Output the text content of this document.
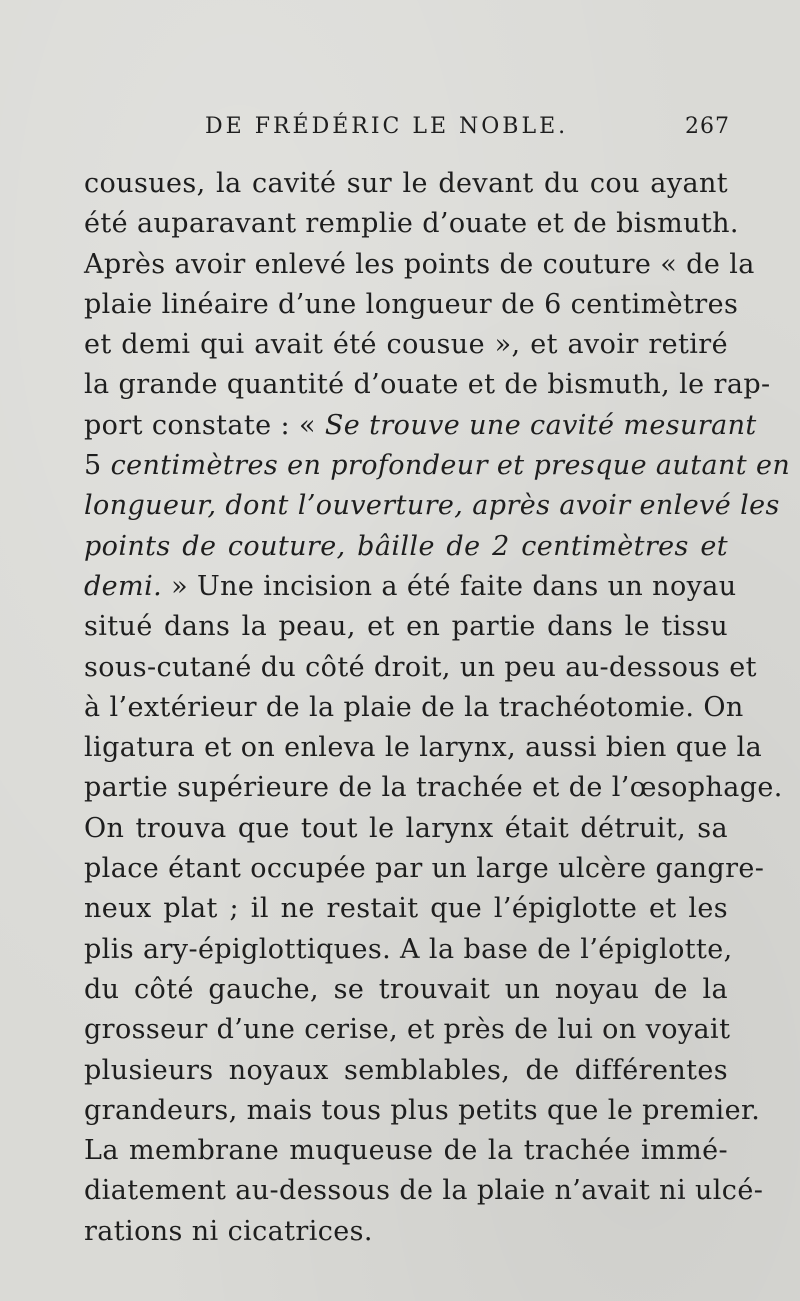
DE FRÉDÉRIC LE NOBLE.	267
cousues, la cavité sur le devant du cou ayant
été auparavant remplie d’ouate et de bismuth.
Après avoir enlevé les points de couture « de la
plaie linéaire d’une longueur de 6 centimètres
et demi qui avait été cousue », et avoir retiré
la grande quantité d’ouate et de bismuth, le rap-
port constate : « Se trouve une cavité mesurant
5 centimètres en profondeur et presque autant en
longueur, dont l’ouverture, après avoir enlevé les
points de couture, bâille de 2 centimètres et
demi. » Une incision a été faite dans un noyau
situé dans la peau, et en partie dans le tissu
sous-cutané du côté droit, un peu au-dessous et
à l’extérieur de la plaie de la trachéotomie. On
ligatura et on enleva le larynx, aussi bien que la
partie supérieure de la trachée et de l’œsophage.
On trouva que tout le larynx était détruit, sa
place étant occupée par un large ulcère gangre-
neux plat ; il ne restait que l’épiglotte et les
plis ary-épiglottiques. A la base de l’épiglotte,
du côté gauche, se trouvait un noyau de la
grosseur d’une cerise, et près de lui on voyait
plusieurs noyaux semblables, de différentes
grandeurs, mais tous plus petits que le premier.
La membrane muqueuse de la trachée immé-
diatement au-dessous de la plaie n’avait ni ulcé-
rations ni cicatrices.
